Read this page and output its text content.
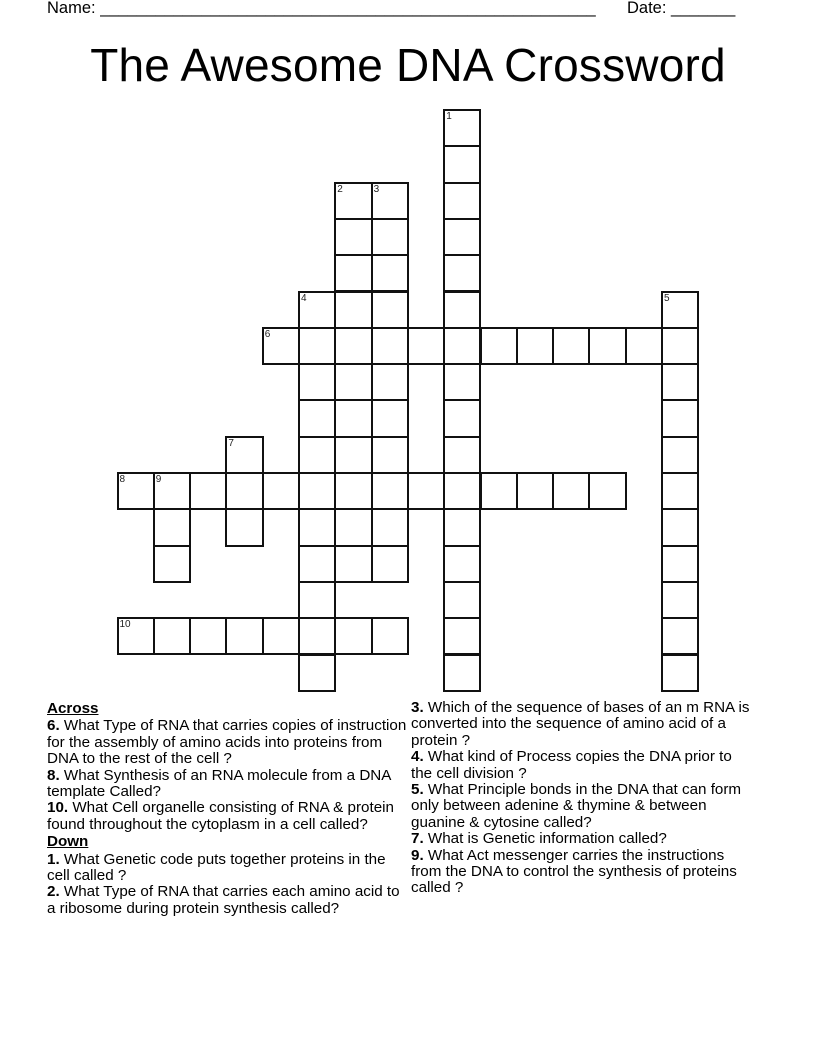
Name: ______________________________________________________ Date: _______
The Awesome DNA Crossword
1
2	3
4	5
6
7
8	9
10
Across
6. What Type of RNA that carries copies of instruction for the assembly of amino acids into proteins from DNA to the rest of the cell ?
8. What Synthesis of an RNA molecule from a DNA template Called?
10. What Cell organelle consisting of RNA & protein found throughout the cytoplasm in a cell called?
Down
1. What Genetic code puts together proteins in the cell called ?
2. What Type of RNA that carries each amino acid to a ribosome during protein synthesis called?
3. Which of the sequence of bases of an m RNA is converted into the sequence of amino acid of a protein ?
4. What kind of Process copies the DNA prior to the cell division ?
5. What Principle bonds in the DNA that can form only between adenine & thymine & between guanine & cytosine called?
7. What is Genetic information called?
9. What Act messenger carries the instructions from the DNA to control the synthesis of proteins called ?
